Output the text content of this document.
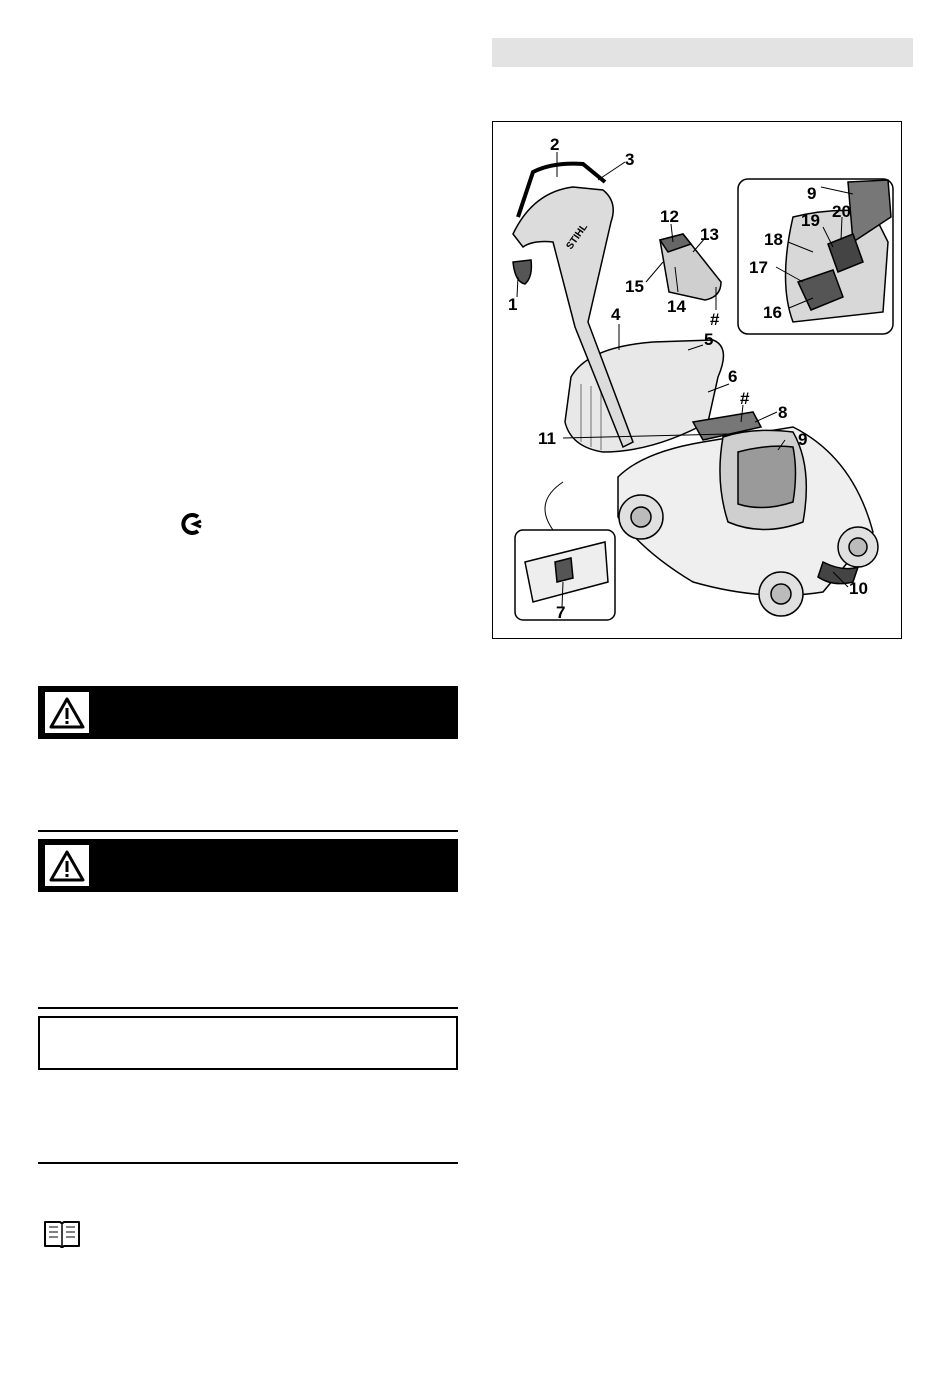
2
3
1
4
5
6
#
8
9
11
10
7
12
13
14
15
#
9
19 20
18
17
16
STIHL
